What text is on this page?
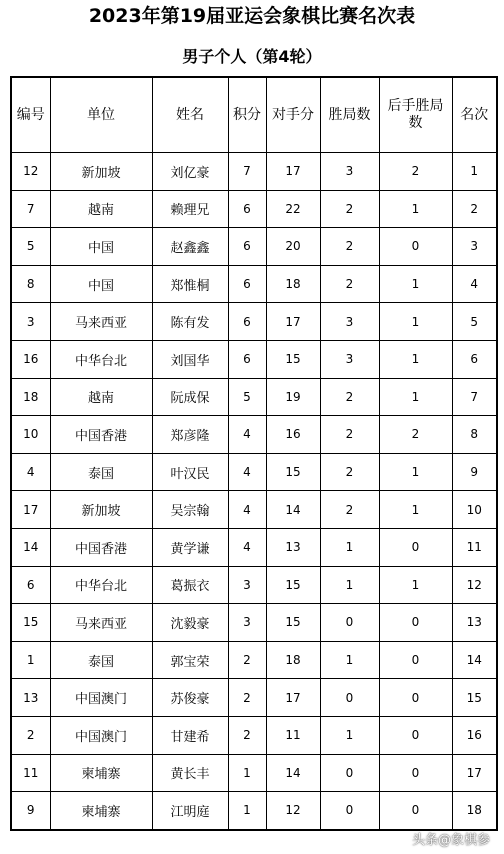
2023年第19届亚运会象棋比赛名次表
男子个人（第4轮）
编号	单位	姓名	积分	对手分	胜局数	后手胜局数	名次
12	新加坡	刘亿豪	7	17	3	2	1
7	越南	赖理兄	6	22	2	1	2
5	中国	赵鑫鑫	6	20	2	0	3
8	中国	郑惟桐	6	18	2	1	4
3	马来西亚	陈有发	6	17	3	1	5
16	中华台北	刘国华	6	15	3	1	6
18	越南	阮成保	5	19	2	1	7
10	中国香港	郑彦隆	4	16	2	2	8
4	泰国	叶汉民	4	15	2	1	9
17	新加坡	吴宗翰	4	14	2	1	10
14	中国香港	黄学谦	4	13	1	0	11
6	中华台北	葛振衣	3	15	1	1	12
15	马来西亚	沈毅豪	3	15	0	0	13
1	泰国	郭宝荣	2	18	1	0	14
13	中国澳门	苏俊豪	2	17	0	0	15
2	中国澳门	甘建希	2	11	1	0	16
11	柬埔寨	黄长丰	1	14	0	0	17
9	柬埔寨	江明庭	1	12	0	0	18
头条@象棋参
